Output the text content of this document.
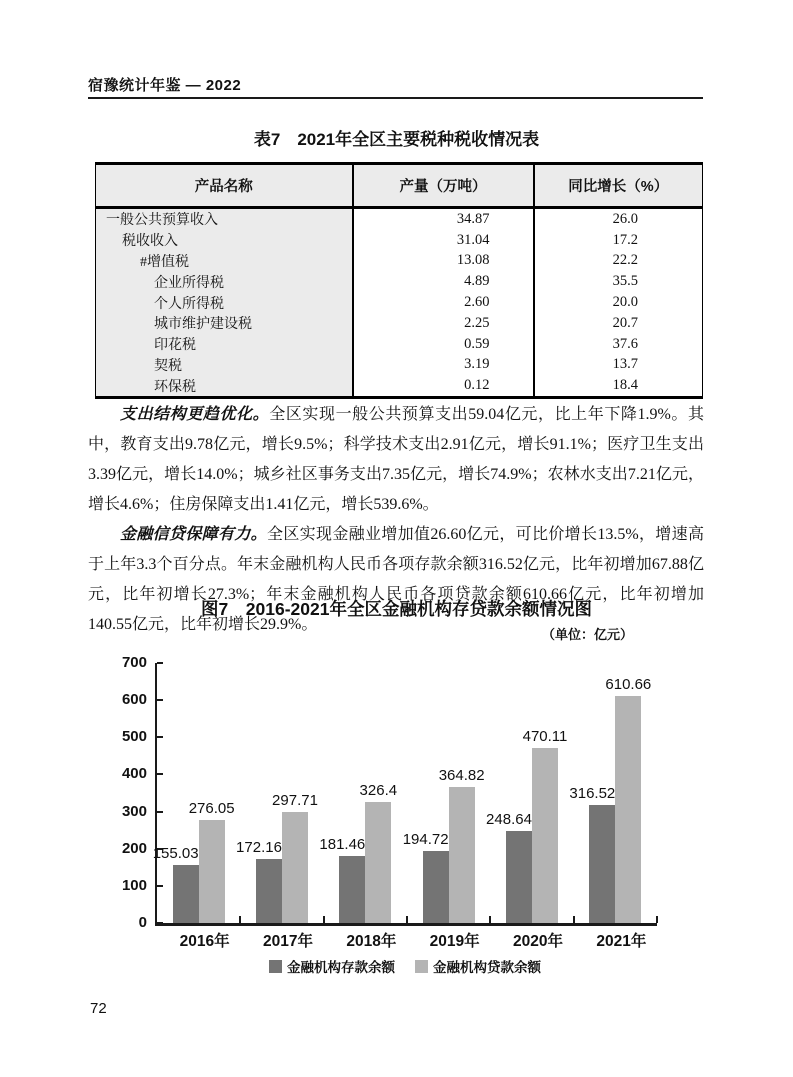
宿豫统计年鉴 — 2022
表7　2021年全区主要税种税收情况表
产品名称	产量（万吨）	同比增长（%）
一般公共预算收入	34.87	26.0
税收收入	31.04	17.2
#增值税	13.08	22.2
企业所得税	4.89	35.5
个人所得税	2.60	20.0
城市维护建设税	2.25	20.7
印花税	0.59	37.6
契税	3.19	13.7
环保税	0.12	18.4

支出结构更趋优化。全区实现一般公共预算支出59.04亿元，比上年下降1.9%。其中，教育支出9.78亿元，增长9.5%；科学技术支出2.91亿元，增长91.1%；医疗卫生支出3.39亿元，增长14.0%；城乡社区事务支出7.35亿元，增长74.9%；农林水支出7.21亿元，增长4.6%；住房保障支出1.41亿元，增长539.6%。

金融信贷保障有力。全区实现金融业增加值26.60亿元，可比价增长13.5%，增速高于上年3.3个百分点。年末金融机构人民币各项存款余额316.52亿元，比年初增加67.88亿元，比年初增长27.3%；年末金融机构人民币各项贷款余额610.66亿元，比年初增加140.55亿元，比年初增长29.9%。

图7　2016-2021年全区金融机构存贷款余额情况图
（单位：亿元）
0
100
200
300
400
500
600
700
155.03
276.05
2016年
172.16
297.71
2017年
181.46
326.4
2018年
194.72
364.82
2019年
248.64
470.11
2020年
316.52
610.66
2021年
金融机构存款余额	金融机构贷款余额
72
